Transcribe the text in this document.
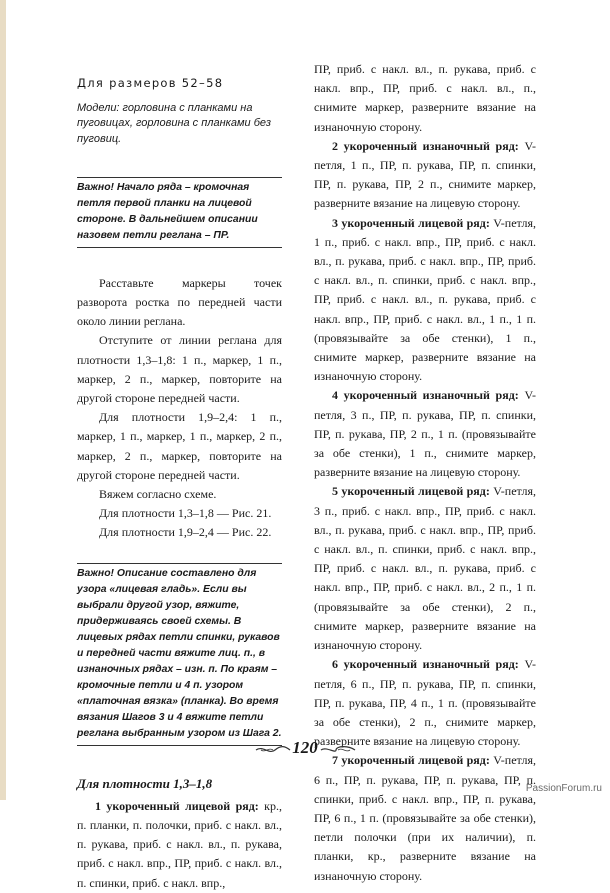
Для размеров 52–58
Модели: горловина с планками на пуговицах, горловина с планками без пуговиц.
Важно! Начало ряда – кромочная петля первой планки на лицевой стороне. В дальнейшем описании назовем петли реглана – ПР.

Расставьте маркеры точек разворота ростка по передней части около линии реглана.

Отступите от линии реглана для плотности 1,3–1,8: 1 п., маркер, 1 п., маркер, 2 п., маркер, повторите на другой стороне передней части.

Для плотности 1,9–2,4: 1 п., маркер, 1 п., маркер, 1 п., маркер, 2 п., маркер, 2 п., маркер, повторите на другой стороне передней части.

Вяжем согласно схеме.

Для плотности 1,3–1,8 — Рис. 21.

Для плотности 1,9–2,4 — Рис. 22.

Важно! Описание составлено для узора «лицевая гладь». Если вы выбрали другой узор, вяжите, придерживаясь своей схемы. В лицевых рядах петли спинки, рукавов и передней части вяжите лиц. п., в изнаночных рядах – изн. п. По краям – кромочные петли и 4 п. узором «платочная вязка» (планка). Во время вязания Шагов 3 и 4 вяжите петли реглана выбранным узором из Шага 2.
Для плотности 1,3–1,8

1 укороченный лицевой ряд: кр., п. планки, п. полочки, приб. с накл. вл., п. рукава, приб. с накл. вл., п. рукава, приб. с накл. впр., ПР, приб. с накл. вл., п. спинки, приб. с накл. впр.,

ПР, приб. с накл. вл., п. рукава, приб. с накл. впр., ПР, приб. с накл. вл., п., снимите маркер, разверните вязание на изнаночную сторону.

2 укороченный изнаночный ряд: V-петля, 1 п., ПР, п. рукава, ПР, п. спинки, ПР, п. рукава, ПР, 2 п., снимите маркер, разверните вязание на лицевую сторону.

3 укороченный лицевой ряд: V-петля, 1 п., приб. с накл. впр., ПР, приб. с накл. вл., п. рукава, приб. с накл. впр., ПР, приб. с накл. вл., п. спинки, приб. с накл. впр., ПР, приб. с накл. вл., п. рукава, приб. с накл. впр., ПР, приб. с накл. вл., 1 п., 1 п. (провязывайте за обе стенки), 1 п., снимите маркер, разверните вязание на изнаночную сторону.

4 укороченный изнаночный ряд: V-петля, 3 п., ПР, п. рукава, ПР, п. спинки, ПР, п. рукава, ПР, 2 п., 1 п. (провязывайте за обе стенки), 1 п., снимите маркер, разверните вязание на лицевую сторону.

5 укороченный лицевой ряд: V-петля, 3 п., приб. с накл. впр., ПР, приб. с накл. вл., п. рукава, приб. с накл. впр., ПР, приб. с накл. вл., п. спинки, приб. с накл. впр., ПР, приб. с накл. вл., п. рукава, приб. с накл. впр., ПР, приб. с накл. вл., 2 п., 1 п. (провязывайте за обе стенки), 2 п., снимите маркер, разверните вязание на изнаночную сторону.

6 укороченный изнаночный ряд: V-петля, 6 п., ПР, п. рукава, ПР, п. спинки, ПР, п. рукава, ПР, 4 п., 1 п. (провязывайте за обе стенки), 2 п., снимите маркер, разверните вязание на лицевую сторону.

7 укороченный лицевой ряд: V-петля, 6 п., ПР, п. рукава, ПР, п. рукава, ПР, п. спинки, приб. с накл. впр., ПР, п. рукава, ПР, 6 п., 1 п. (провязывайте за обе стенки), петли полочки (при их наличии), п. планки, кр., разверните вязание на изнаночную сторону.

120
PassionForum.ru
